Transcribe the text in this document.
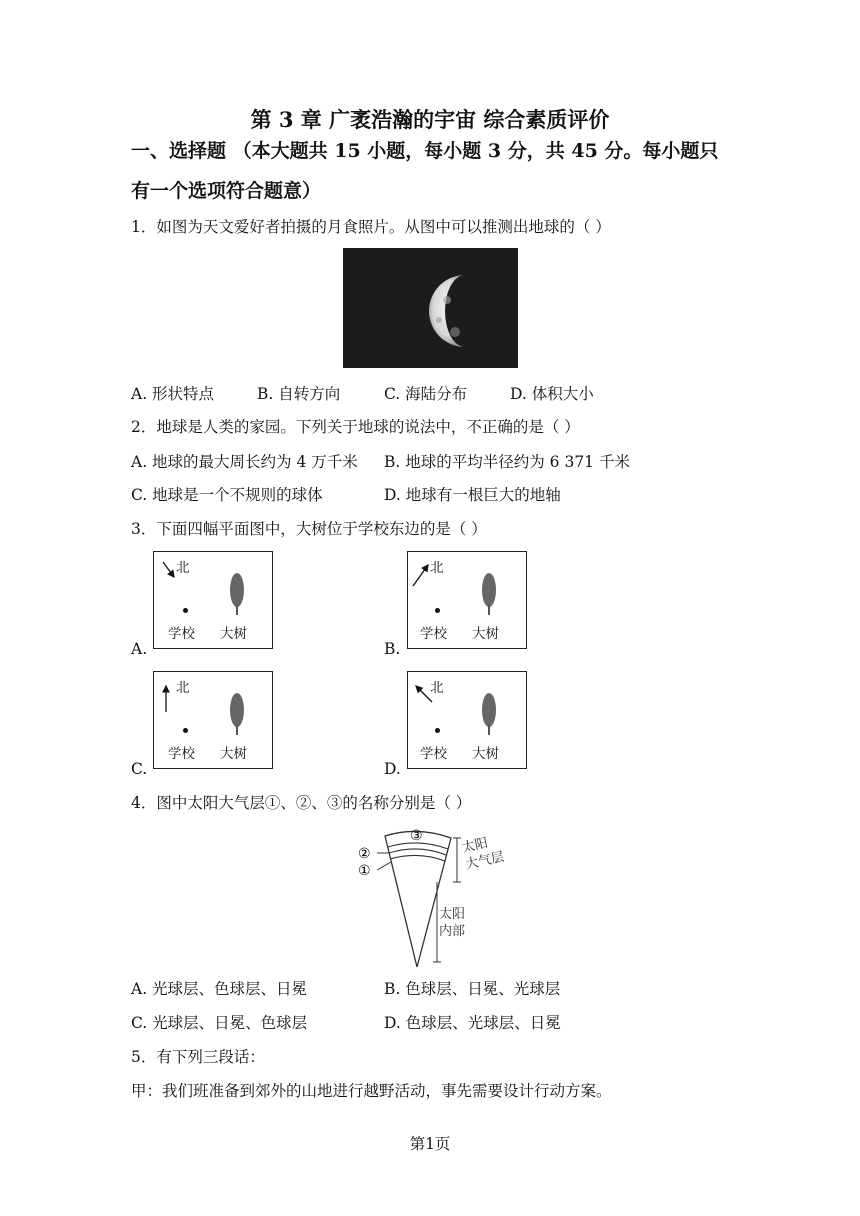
第 3 章 广袤浩瀚的宇宙 综合素质评价
一、选择题 （本大题共 15 小题，每小题 3 分，共 45 分。每小题只
有一个选项符合题意）
1．如图为天文爱好者拍摄的月食照片。从图中可以推测出地球的（ ）
A. 形状特点	B. 自转方向	C. 海陆分布	D. 体积大小
2．地球是人类的家园。下列关于地球的说法中，不正确的是（ ）
A. 地球的最大周长约为 4 万千米 B. 地球的平均半径约为 6 371 千米
C. 地球是一个不规则的球体	D. 地球有一根巨大的地轴
3．下面四幅平面图中，大树位于学校东边的是（ ）
A.
北
学校 大树
B.
北
学校 大树
C.
北
学校 大树
D.
北
学校 大树
4．图中太阳大气层①、②、③的名称分别是（ ）
③
②
①
太阳
大气层
太阳
内部
A. 光球层、色球层、日冕	B. 色球层、日冕、光球层
C. 光球层、日冕、色球层	D. 色球层、光球层、日冕
5．有下列三段话：
甲：我们班准备到郊外的山地进行越野活动，事先需要设计行动方案。
第1页
